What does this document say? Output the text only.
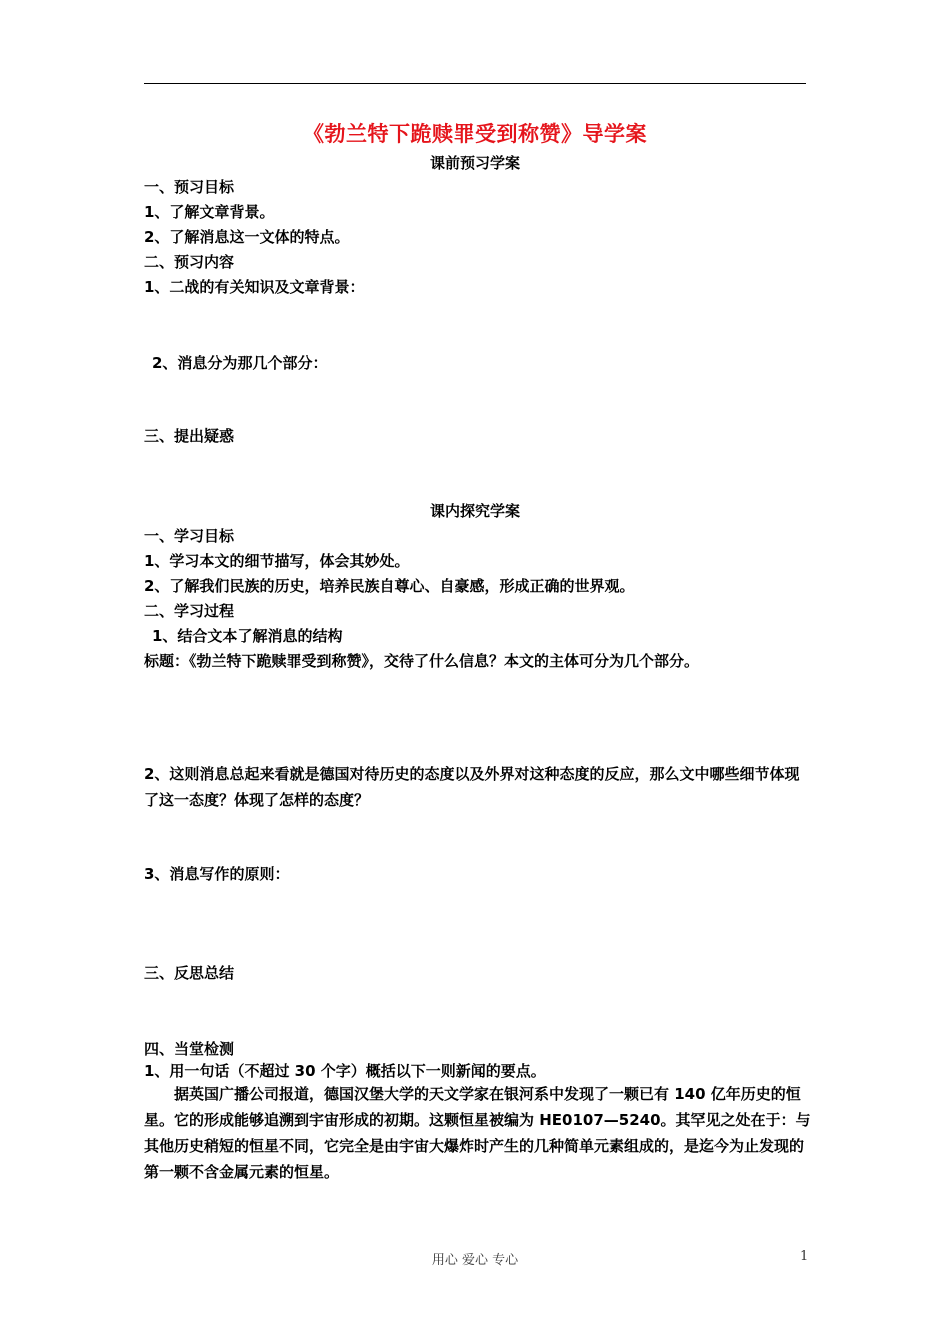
《勃兰特下跪赎罪受到称赞》导学案
课前预习学案
一、预习目标
1、了解文章背景。
2、了解消息这一文体的特点。
二、预习内容
1、二战的有关知识及文章背景：
2、消息分为那几个部分：
三、提出疑惑
课内探究学案
一、学习目标
1、学习本文的细节描写，体会其妙处。
2、了解我们民族的历史，培养民族自尊心、自豪感，形成正确的世界观。
二、学习过程
1、结合文本了解消息的结构
标题：《勃兰特下跪赎罪受到称赞》，交待了什么信息？本文的主体可分为几个部分。
2、这则消息总起来看就是德国对待历史的态度以及外界对这种态度的反应，那么文中哪些细节体现了这一态度？体现了怎样的态度？
3、消息写作的原则：
三、反思总结
四、当堂检测
1、用一句话（不超过 30 个字）概括以下一则新闻的要点。
据英国广播公司报道，德国汉堡大学的天文学家在银河系中发现了一颗已有 140 亿年历史的恒星。它的形成能够追溯到宇宙形成的初期。这颗恒星被编为 HE0107—5240。其罕见之处在于：与其他历史稍短的恒星不同，它完全是由宇宙大爆炸时产生的几种简单元素组成的，是迄今为止发现的第一颗不含金属元素的恒星。
用心 爱心 专心	1
